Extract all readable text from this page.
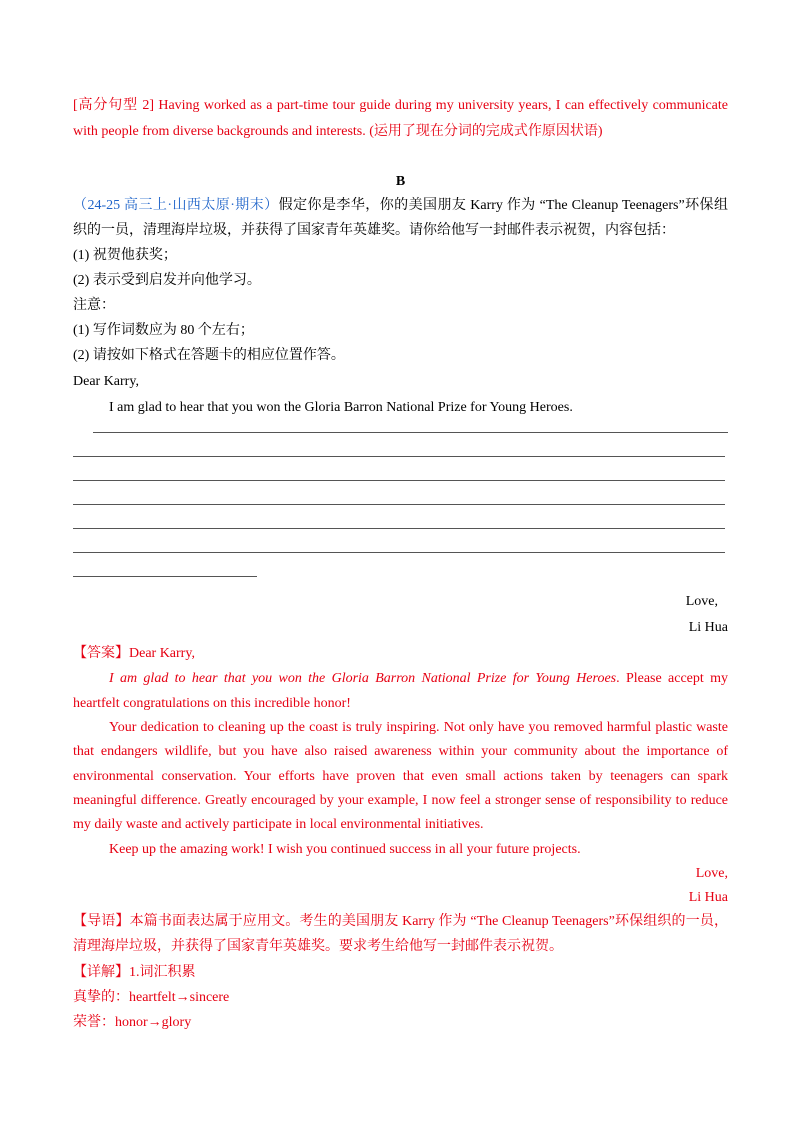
[高分句型 2] Having worked as a part-time tour guide during my university years, I can effectively communicate
with people from diverse backgrounds and interests. (运用了现在分词的完成式作原因状语)
B
（24-25 高三上·山西太原·期末）假定你是李华，你的美国朋友 Karry 作为 “The Cleanup Teenagers”环保组
织的一员，清理海岸垃圾，并获得了国家青年英雄奖。请你给他写一封邮件表示祝贺，内容包括：
(1) 祝贺他获奖；
(2) 表示受到启发并向他学习。
注意：
(1) 写作词数应为 80 个左右；
(2) 请按如下格式在答题卡的相应位置作答。
Dear Karry,
I am glad to hear that you won the Gloria Barron National Prize for Young Heroes.
Love,
Li Hua
【答案】Dear Karry,
I am glad to hear that you won the Gloria Barron National Prize for Young Heroes. Please accept my
heartfelt congratulations on this incredible honor!
Your dedication to cleaning up the coast is truly inspiring. Not only have you removed harmful plastic waste
that endangers wildlife, but you have also raised awareness within your community about the importance of
environmental conservation. Your efforts have proven that even small actions taken by teenagers can spark
meaningful difference. Greatly encouraged by your example, I now feel a stronger sense of responsibility to reduce
my daily waste and actively participate in local environmental initiatives.
Keep up the amazing work! I wish you continued success in all your future projects.
Love,
Li Hua
【导语】本篇书面表达属于应用文。考生的美国朋友 Karry 作为 “The Cleanup Teenagers”环保组织的一员，
清理海岸垃圾，并获得了国家青年英雄奖。要求考生给他写一封邮件表示祝贺。
【详解】1.词汇积累
真挚的：heartfelt→sincere
荣誉：honor→glory
